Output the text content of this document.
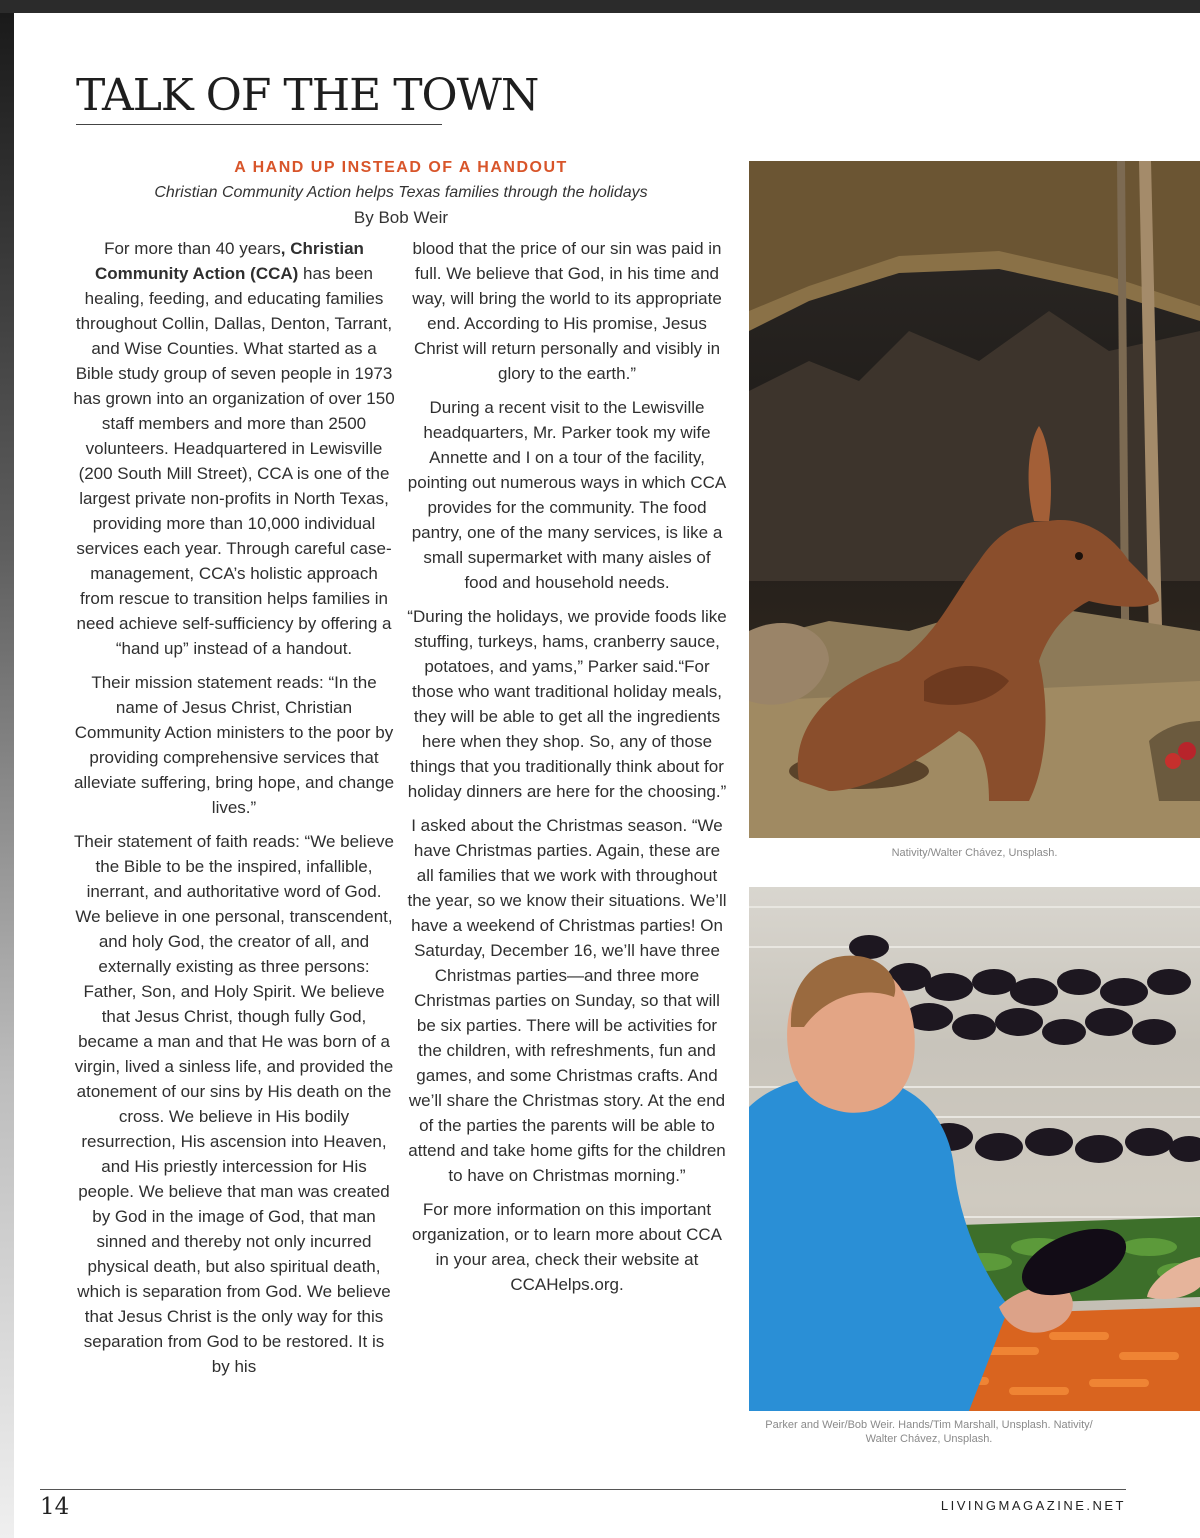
TALK OF THE TOWN
A HAND UP INSTEAD OF A HANDOUT
Christian Community Action helps Texas families through the holidays
By Bob Weir

For more than 40 years, Christian Community Action (CCA) has been healing, feeding, and educating families throughout Collin, Dallas, Denton, Tarrant, and Wise Counties. What started as a Bible study group of seven people in 1973 has grown into an organization of over 150 staff members and more than 2500 volunteers. Headquartered in Lewisville (200 South Mill Street), CCA is one of the largest private non-profits in North Texas, providing more than 10,000 individual services each year. Through careful case-management, CCA’s holistic approach from rescue to transition helps families in need achieve self-sufficiency by offering a “hand up” instead of a handout.

Their mission statement reads: “In the name of Jesus Christ, Christian Community Action ministers to the poor by providing comprehensive services that alleviate suffering, bring hope, and change lives.”

Their statement of faith reads: “We believe the Bible to be the inspired, infallible, inerrant, and authoritative word of God. We believe in one personal, transcendent, and holy God, the creator of all, and externally existing as three persons: Father, Son, and Holy Spirit. We believe that Jesus Christ, though fully God, became a man and that He was born of a virgin, lived a sinless life, and provided the atonement of our sins by His death on the cross. We believe in His bodily resurrection, His ascension into Heaven, and His priestly intercession for His people. We believe that man was created by God in the image of God, that man sinned and thereby not only incurred physical death, but also spiritual death, which is separation from God. We believe that Jesus Christ is the only way for this separation from God to be restored. It is by his

blood that the price of our sin was paid in full. We believe that God, in his time and way, will bring the world to its appropriate end. According to His promise, Jesus Christ will return personally and visibly in glory to the earth.”

During a recent visit to the Lewisville headquarters, Mr. Parker took my wife Annette and I on a tour of the facility, pointing out numerous ways in which CCA provides for the community. The food pantry, one of the many services, is like a small supermarket with many aisles of food and household needs.

“During the holidays, we provide foods like stuffing, turkeys, hams, cranberry sauce, potatoes, and yams,” Parker said.“For those who want traditional holiday meals, they will be able to get all the ingredients here when they shop. So, any of those things that you traditionally think about for holiday dinners are here for the choosing.”

I asked about the Christmas season. “We have Christmas parties. Again, these are all families that we work with throughout the year, so we know their situations. We’ll have a weekend of Christmas parties! On Saturday, December 16, we’ll have three Christmas parties—and three more Christmas parties on Sunday, so that will be six parties. There will be activities for the children, with refreshments, fun and games, and some Christmas crafts. And we’ll share the Christmas story. At the end of the parties the parents will be able to attend and take home gifts for the children to have on Christmas morning.”

For more information on this important organization, or to learn more about CCA in your area, check their website at CCAHelps.org.

Nativity/Walter Chávez, Unsplash.
Parker and Weir/Bob Weir. Hands/Tim Marshall, Unsplash. Nativity/ Walter Chávez, Unsplash.
14	LIVINGMAGAZINE.NET
